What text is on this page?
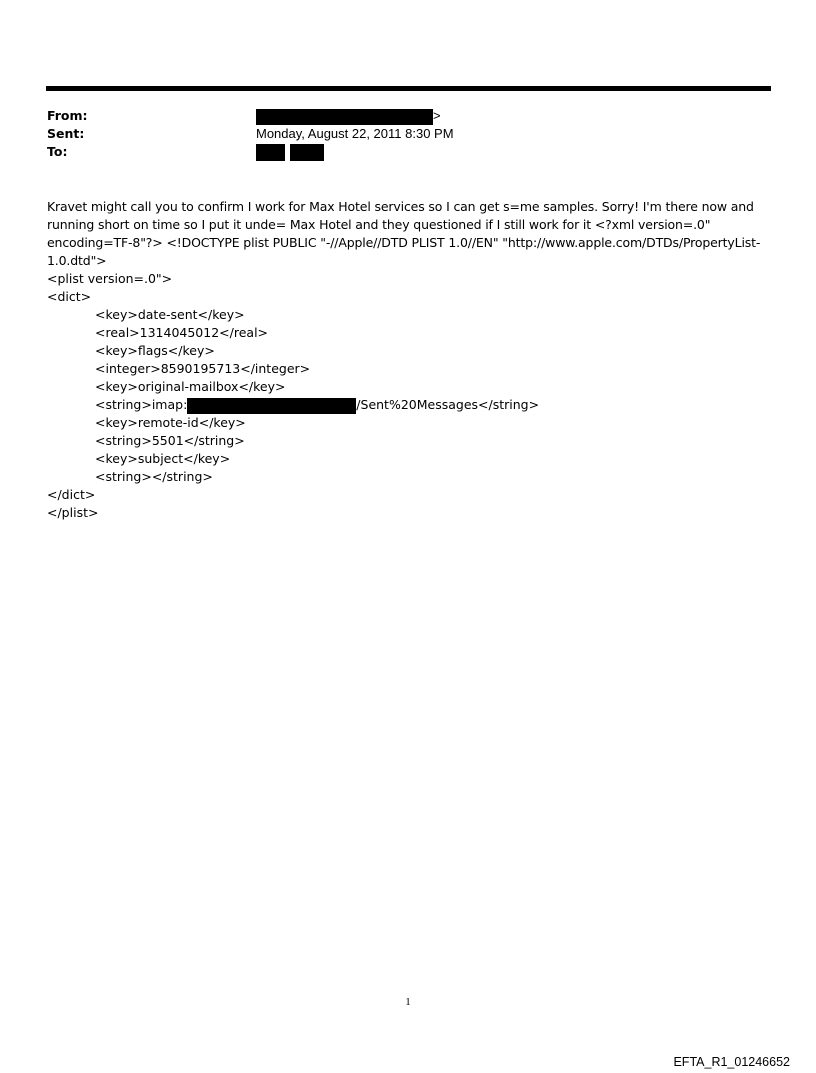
From:
Sent:
To:
>
Monday, August 22, 2011 8:30 PM

Kravet might call you to confirm I work for Max Hotel services so I can get s=me samples. Sorry! I'm there now and running short on time so I put it unde= Max Hotel and they questioned if I still work for it <?xml version=.0" encoding=TF-8"?> <!DOCTYPE plist PUBLIC "-//Apple//DTD PLIST 1.0//EN" "http://www.apple.com/DTDs/PropertyList-1.0.dtd">

<plist version=.0">
<dict>
<key>date-sent</key>
<real>1314045012</real>
<key>flags</key>
<integer>8590195713</integer>
<key>original-mailbox</key>
<string>imap:	/Sent%20Messages</string>
<key>remote-id</key>
<string>5501</string>
<key>subject</key>
<string></string>
</dict>
</plist>
1
EFTA_R1_01246652
